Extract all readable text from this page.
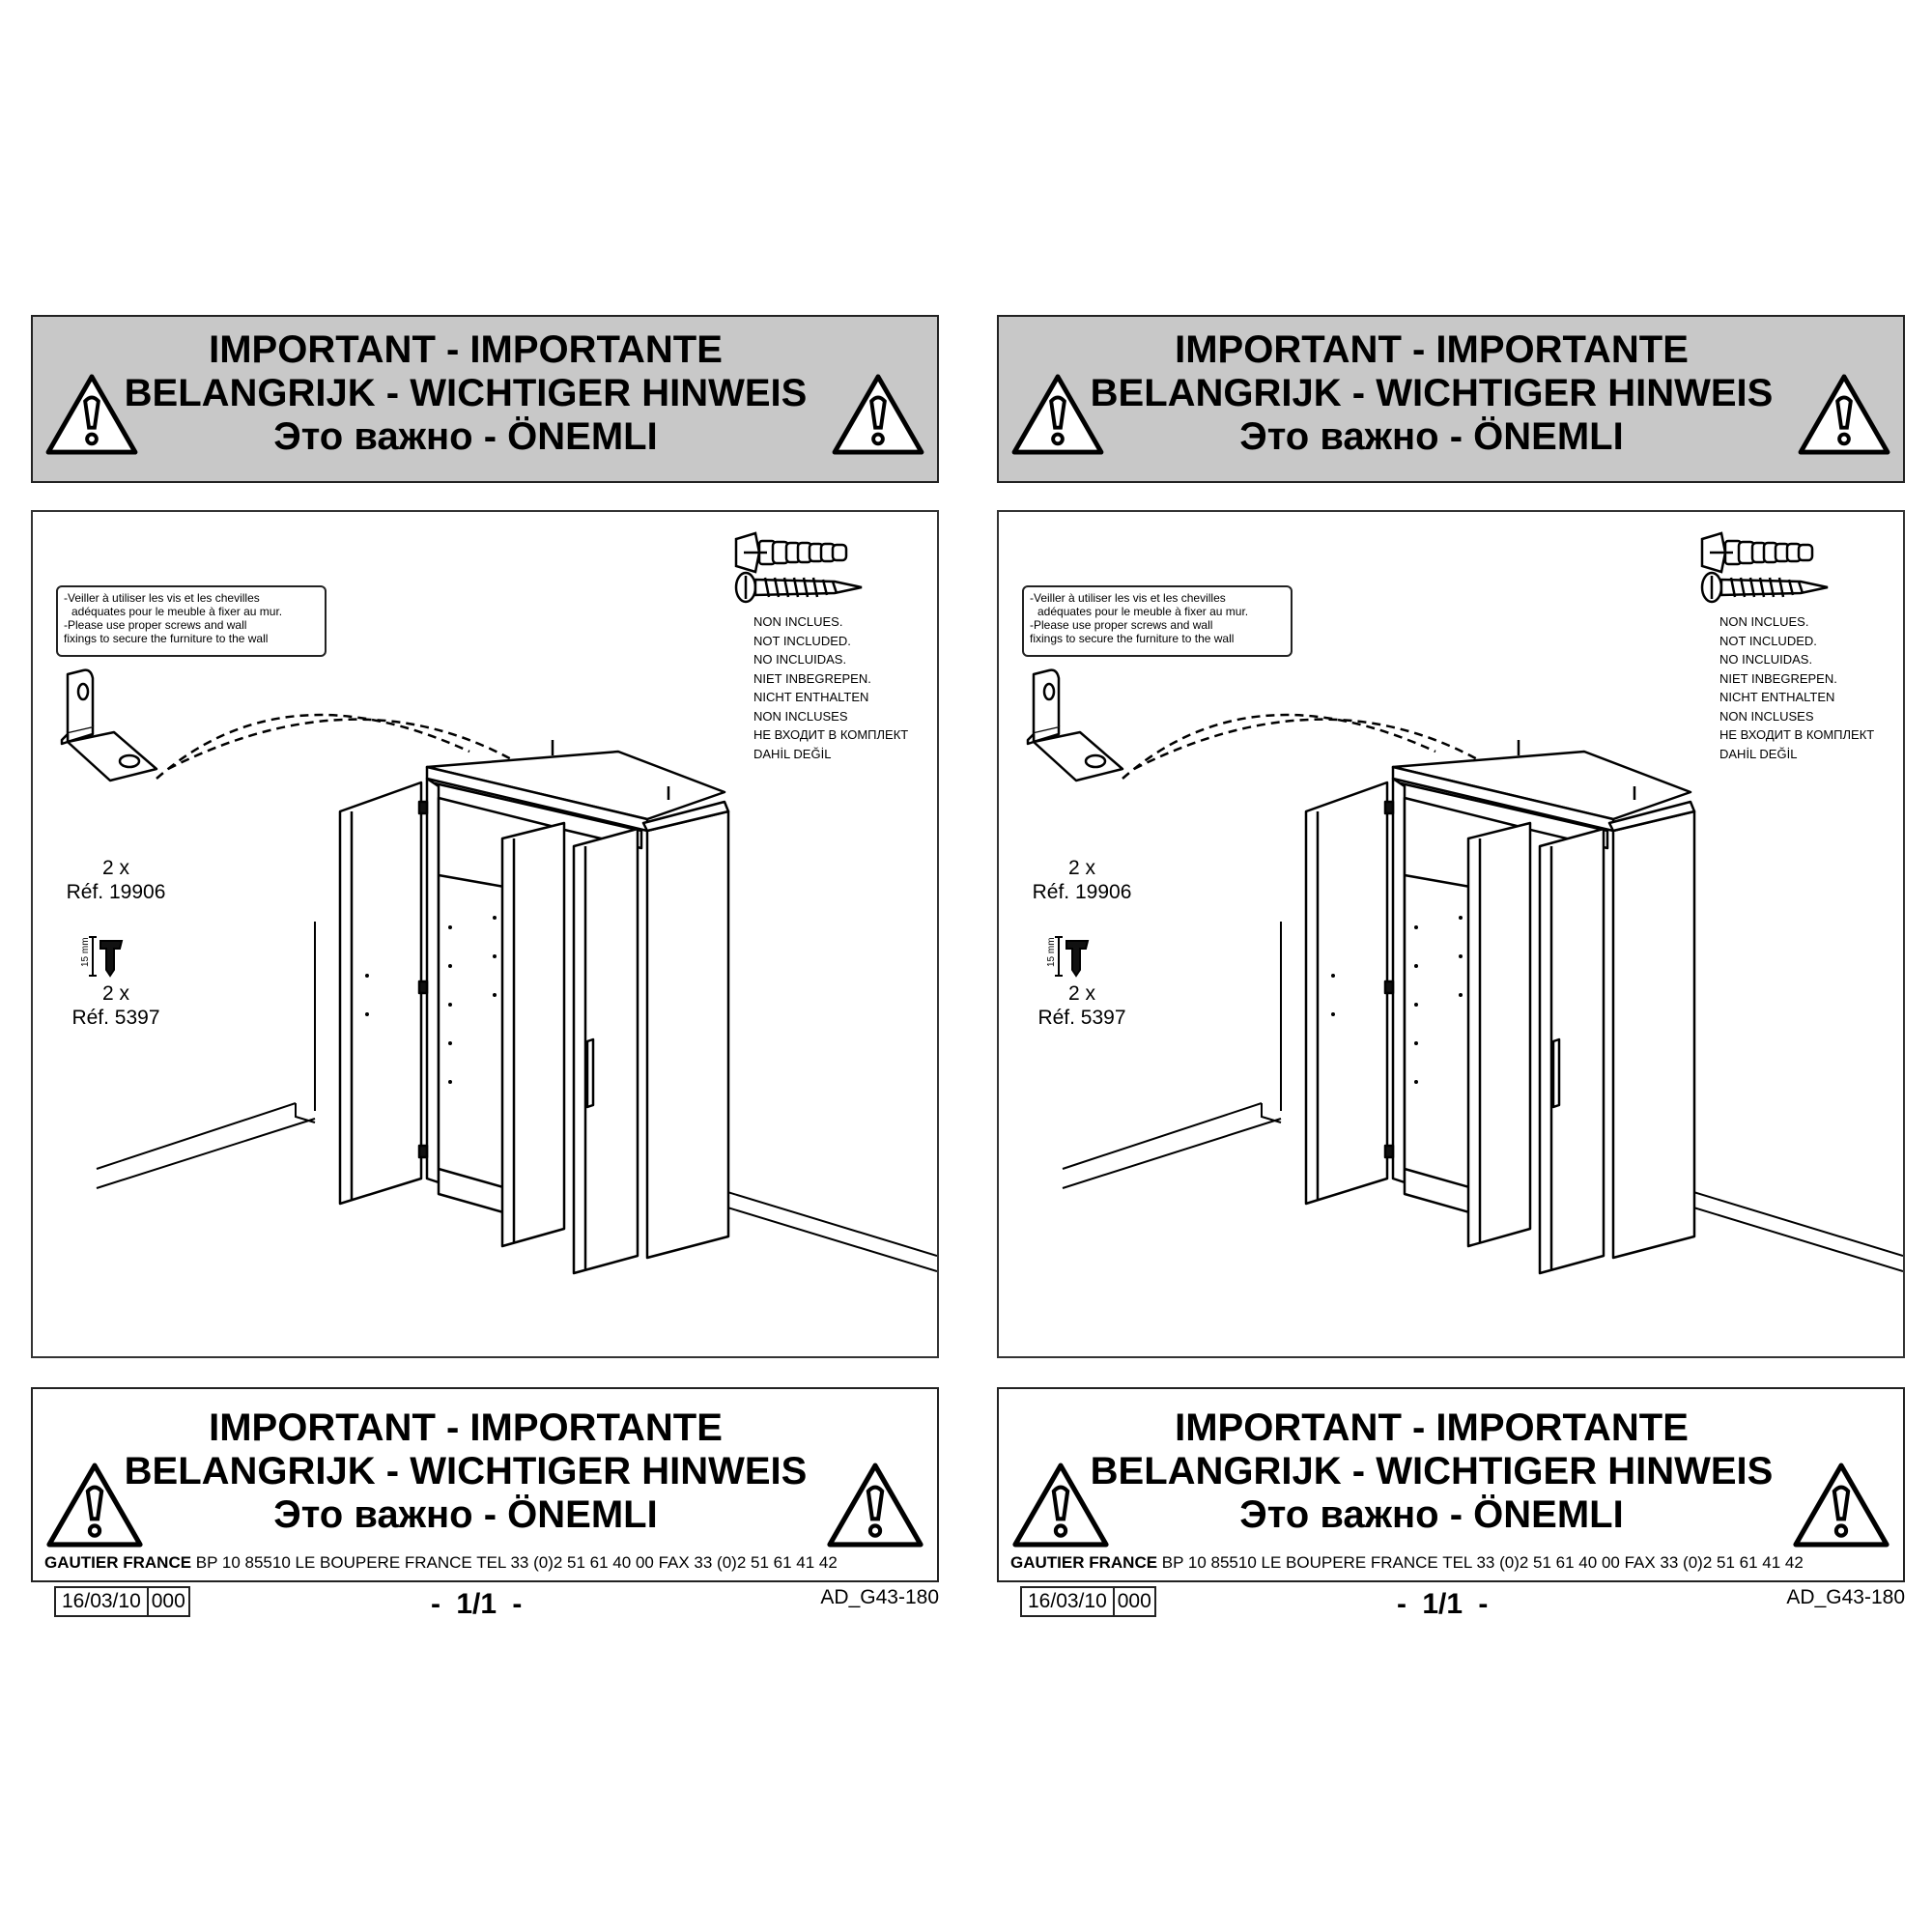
IMPORTANT - IMPORTANTE
BELANGRIJK - WICHTIGER HINWEIS
Это важно - ÖNEMLI
15 mm
-Veiller à utiliser les vis et les chevilles
adéquates pour le meuble à fixer au mur.
-Please use proper screws and wall
fixings to secure the furniture to the wall
NON INCLUES.
NOT INCLUDED.
NO INCLUIDAS.
NIET INBEGREPEN.
NICHT ENTHALTEN
NON INCLUSES
НЕ ВХОДИТ В КОМПЛЕКТ
DAHİL DEĞİL
2 x
Réf. 19906
2 x
Réf. 5397
IMPORTANT - IMPORTANTE
BELANGRIJK - WICHTIGER HINWEIS
Это важно - ÖNEMLI
GAUTIER FRANCE BP 10 85510 LE BOUPERE FRANCE TEL 33 (0)2 51 61 40 00 FAX 33 (0)2 51 61 41 42
16/03/10 000	- 1/1 -	AD_G43-180
IMPORTANT - IMPORTANTE
BELANGRIJK - WICHTIGER HINWEIS
Это важно - ÖNEMLI
15 mm
-Veiller à utiliser les vis et les chevilles
adéquates pour le meuble à fixer au mur.
-Please use proper screws and wall
fixings to secure the furniture to the wall
NON INCLUES.
NOT INCLUDED.
NO INCLUIDAS.
NIET INBEGREPEN.
NICHT ENTHALTEN
NON INCLUSES
НЕ ВХОДИТ В КОМПЛЕКТ
DAHİL DEĞİL
2 x
Réf. 19906
2 x
Réf. 5397
IMPORTANT - IMPORTANTE
BELANGRIJK - WICHTIGER HINWEIS
Это важно - ÖNEMLI
GAUTIER FRANCE BP 10 85510 LE BOUPERE FRANCE TEL 33 (0)2 51 61 40 00 FAX 33 (0)2 51 61 41 42
16/03/10 000	- 1/1 -	AD_G43-180
